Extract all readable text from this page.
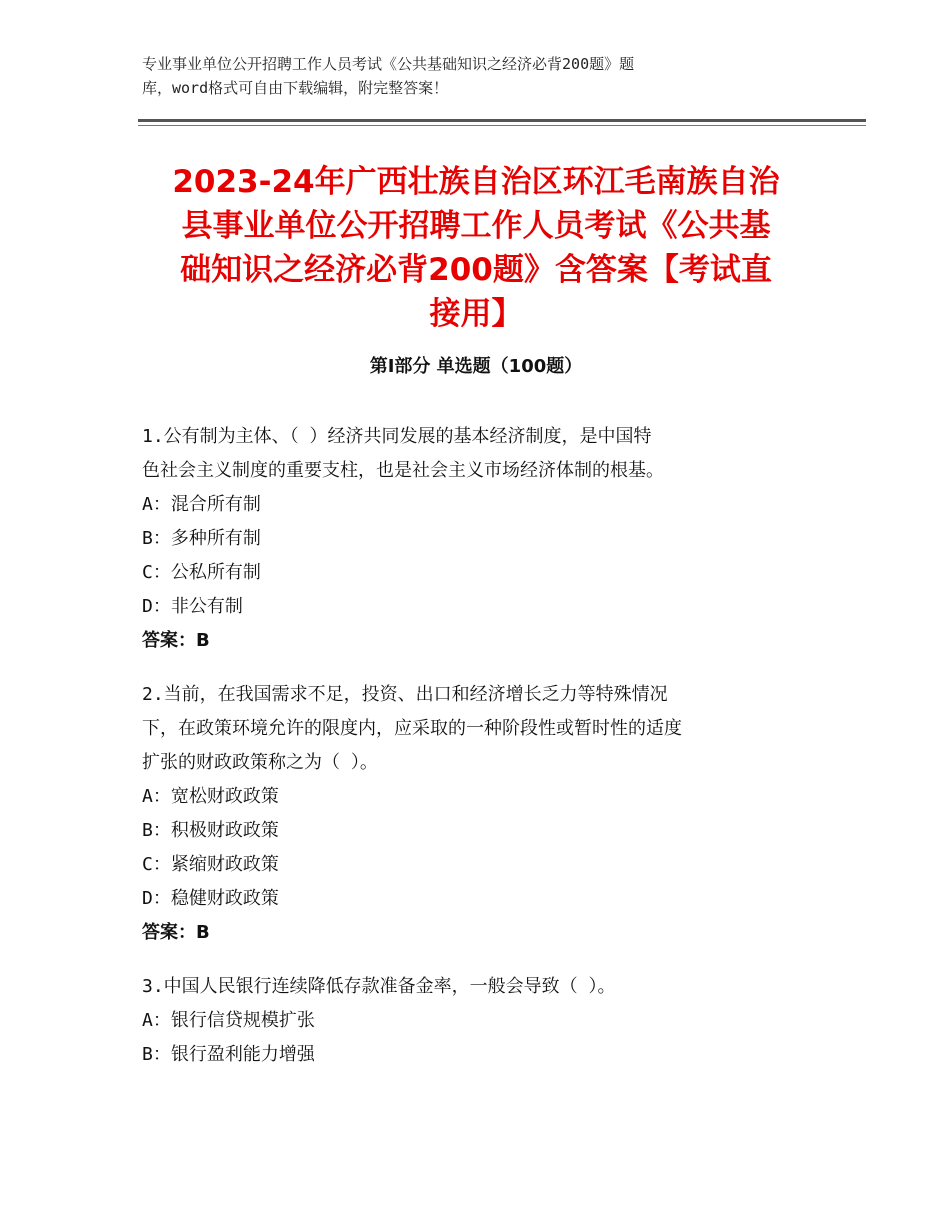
专业事业单位公开招聘工作人员考试《公共基础知识之经济必背200题》题
库，word格式可自由下载编辑，附完整答案！
2023-24年广西壮族自治区环江毛南族自治
县事业单位公开招聘工作人员考试《公共基
础知识之经济必背200题》含答案【考试直
接用】
第Ⅰ部分 单选题（100题）

1.公有制为主体、（ ）经济共同发展的基本经济制度，是中国特

色社会主义制度的重要支柱，也是社会主义市场经济体制的根基。

A：混合所有制

B：多种所有制

C：公私所有制

D：非公有制

答案：B

2.当前，在我国需求不足，投资、出口和经济增长乏力等特殊情况

下，在政策环境允许的限度内，应采取的一种阶段性或暂时性的适度

扩张的财政政策称之为（ ）。

A：宽松财政政策

B：积极财政政策

C：紧缩财政政策

D：稳健财政政策

答案：B

3.中国人民银行连续降低存款准备金率，一般会导致（ ）。

A：银行信贷规模扩张

B：银行盈利能力增强
